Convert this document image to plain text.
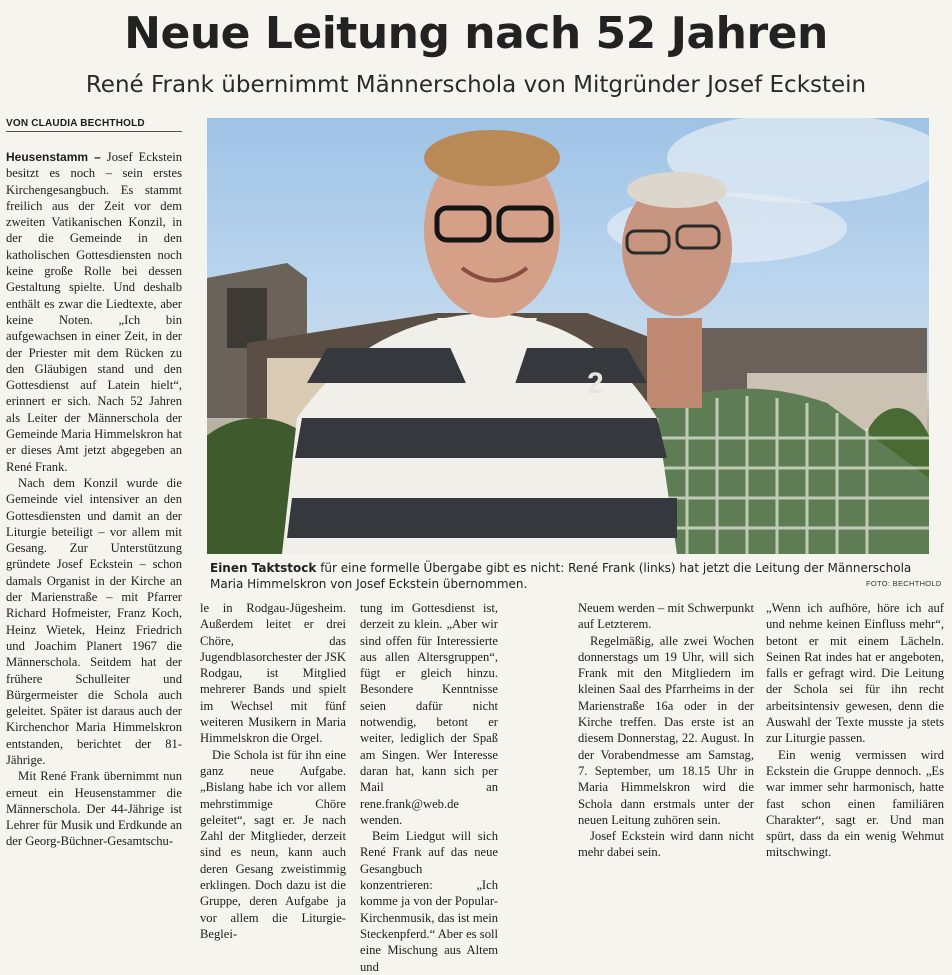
Neue Leitung nach 52 Jahren
René Frank übernimmt Männerschola von Mitgründer Josef Eckstein
VON CLAUDIA BECHTHOLD

Heusenstamm – Josef Eckstein besitzt es noch – sein erstes Kirchengesangbuch. Es stammt freilich aus der Zeit vor dem zweiten Vatikanischen Konzil, in der die Gemeinde in den katholischen Gottesdiensten noch keine große Rolle bei dessen Gestaltung spielte. Und deshalb enthält es zwar die Liedtexte, aber keine Noten. „Ich bin aufgewachsen in einer Zeit, in der der Priester mit dem Rücken zu den Gläubigen stand und den Gottesdienst auf Latein hielt“, erinnert er sich. Nach 52 Jahren als Leiter der Männerschola der Gemeinde Maria Himmelskron hat er dieses Amt jetzt abgegeben an René Frank.

Nach dem Konzil wurde die Gemeinde viel intensiver an den Gottesdiensten und damit an der Liturgie beteiligt – vor allem mit Gesang. Zur Unterstützung gründete Josef Eckstein – schon damals Organist in der Kirche an der Marienstraße – mit Pfarrer Richard Hofmeister, Franz Koch, Heinz Wietek, Heinz Friedrich und Joachim Planert 1967 die Männerschola. Seitdem hat der frühere Schulleiter und Bürgermeister die Schola auch geleitet. Später ist daraus auch der Kirchenchor Maria Himmelskron entstanden, berichtet der 81-Jährige.

Mit René Frank übernimmt nun erneut ein Heusenstammer die Männerschola. Der 44-Jährige ist Lehrer für Musik und Erdkunde an der Georg-Büchner-Gesamtschu-

2
Einen Taktstock für eine formelle Übergabe gibt es nicht: René Frank (links) hat jetzt die Leitung der Männerschola Maria Himmelskron von Josef Eckstein übernommen.	FOTO: BECHTHOLD

le in Rodgau-Jügesheim. Außerdem leitet er drei Chöre, das Jugendblasorchester der JSK Rodgau, ist Mitglied mehrerer Bands und spielt im Wechsel mit fünf weiteren Musikern in Maria Himmelskron die Orgel.

Die Schola ist für ihn eine ganz neue Aufgabe. „Bislang habe ich vor allem mehrstimmige Chöre geleitet“, sagt er. Je nach Zahl der Mitglieder, derzeit sind es neun, kann auch deren Gesang zweistimmig erklingen. Doch dazu ist die Gruppe, deren Aufgabe ja vor allem die Liturgie-Beglei-

tung im Gottesdienst ist, derzeit zu klein. „Aber wir sind offen für Interessierte aus allen Altersgruppen“, fügt er gleich hinzu. Besondere Kenntnisse seien dafür nicht notwendig, betont er weiter, lediglich der Spaß am Singen. Wer Interesse daran hat, kann sich per Mail an rene.frank@web.de wenden.

Beim Liedgut will sich René Frank auf das neue Gesangbuch konzentrieren: „Ich komme ja von der Popular-Kirchenmusik, das ist mein Steckenpferd.“ Aber es soll eine Mischung aus Altem und

Neuem werden – mit Schwerpunkt auf Letzterem.

Regelmäßig, alle zwei Wochen donnerstags um 19 Uhr, will sich Frank mit den Mitgliedern im kleinen Saal des Pfarrheims in der Marienstraße 16a oder in der Kirche treffen. Das erste ist an diesem Donnerstag, 22. August. In der Vorabendmesse am Samstag, 7. September, um 18.15 Uhr in Maria Himmelskron wird die Schola dann erstmals unter der neuen Leitung zuhören sein.

Josef Eckstein wird dann nicht mehr dabei sein.

„Wenn ich aufhöre, höre ich auf und nehme keinen Einfluss mehr“, betont er mit einem Lächeln. Seinen Rat indes hat er angeboten, falls er gefragt wird. Die Leitung der Schola sei für ihn recht arbeitsintensiv gewesen, denn die Auswahl der Texte musste ja stets zur Liturgie passen.

Ein wenig vermissen wird Eckstein die Gruppe dennoch. „Es war immer sehr harmonisch, hatte fast schon einen familiären Charakter“, sagt er. Und man spürt, dass da ein wenig Wehmut mitschwingt.
